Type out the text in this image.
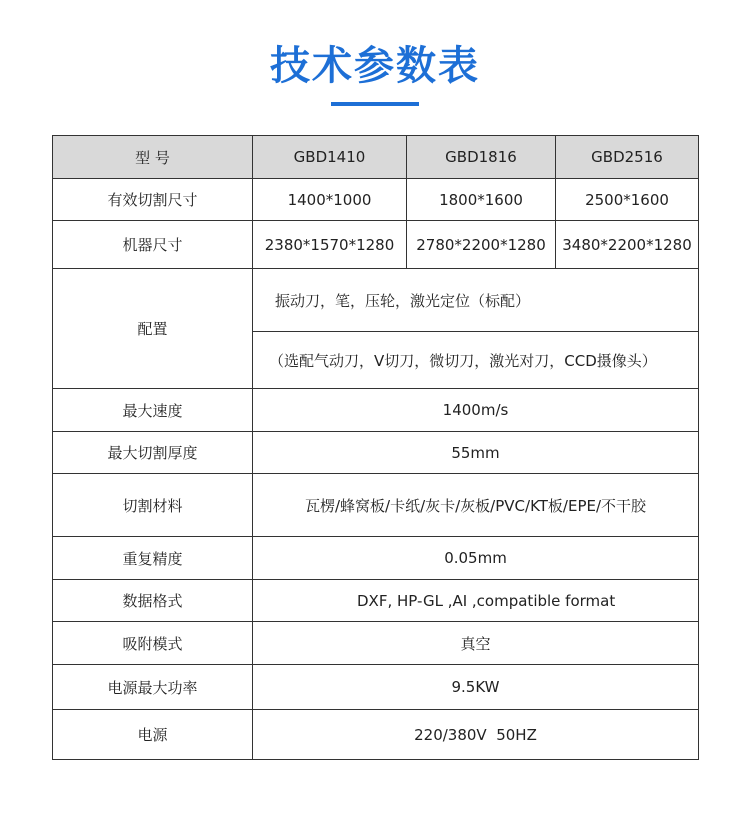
技术参数表
型 号	GBD1410	GBD1816	GBD2516
有效切割尺寸	1400*1000	1800*1600	2500*1600
机器尺寸	2380*1570*1280	2780*2200*1280	3480*2200*1280
配置	振动刀，笔，压轮，激光定位（标配）		
	（选配气动刀，V切刀，微切刀，激光对刀，CCD摄像头）		
最大速度	1400m/s		
最大切割厚度	55mm		
切割材料	瓦楞/蜂窝板/卡纸/灰卡/灰板/PVC/KT板/EPE/不干胶		
重复精度	0.05mm		
数据格式	DXF, HP-GL ,AI ,compatible format		
吸附模式	真空		
电源最大功率	9.5KW		
电源	220/380V  50HZ		
